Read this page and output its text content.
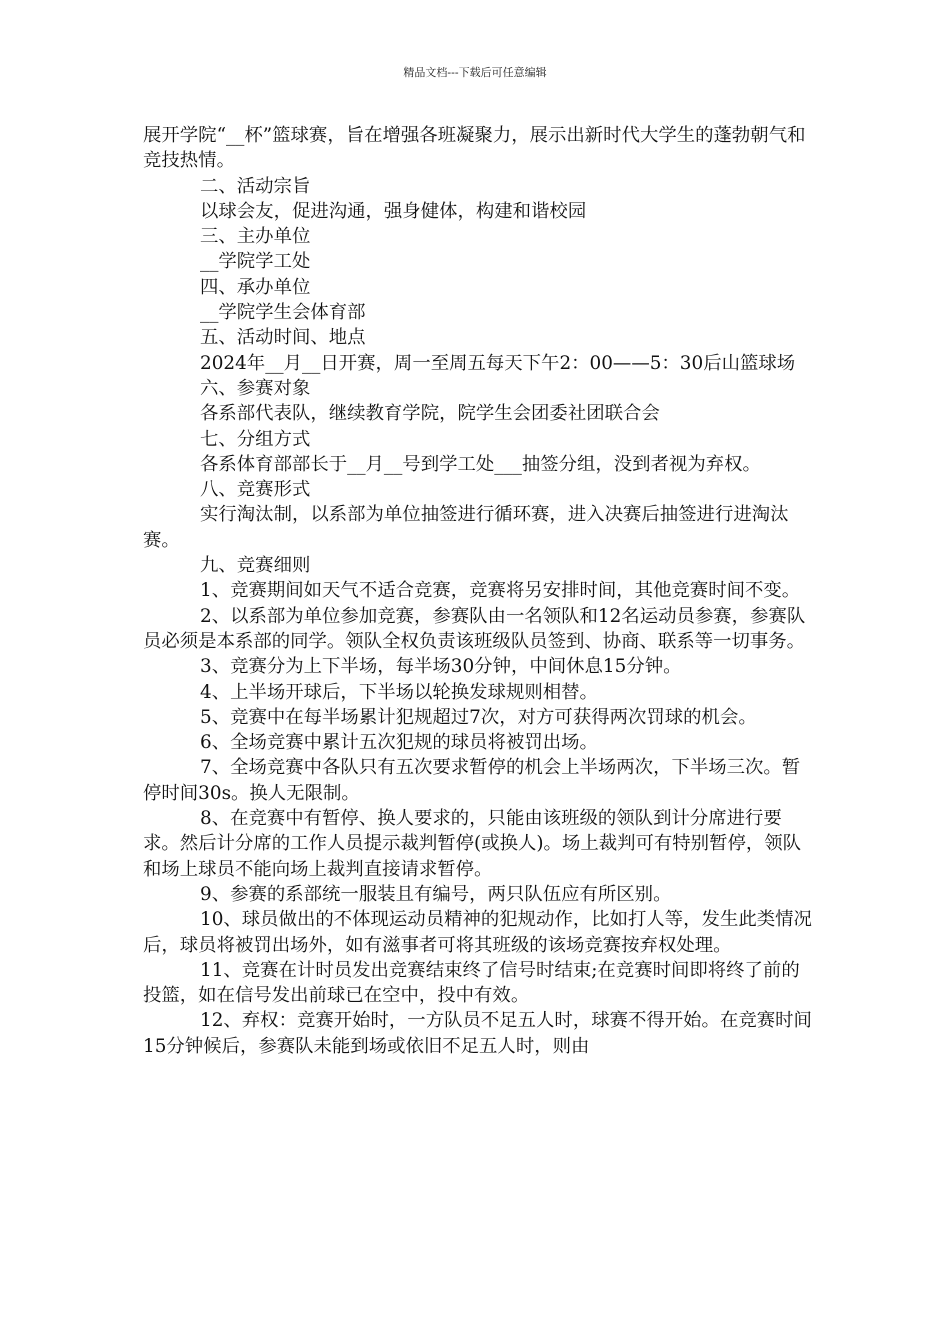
精品文档---下载后可任意编辑

展开学院“__杯”篮球赛，旨在增强各班凝聚力，展示出新时代大学生的蓬勃朝气和竞技热情。

二、活动宗旨

以球会友，促进沟通，强身健体，构建和谐校园

三、主办单位

__学院学工处

四、承办单位

__学院学生会体育部

五、活动时间、地点

2024年__月__日开赛，周一至周五每天下午2：00——5：30后山篮球场

六、参赛对象

各系部代表队，继续教育学院，院学生会团委社团联合会

七、分组方式

各系体育部部长于__月__号到学工处___抽签分组，没到者视为弃权。

八、竞赛形式

实行淘汰制，以系部为单位抽签进行循环赛，进入决赛后抽签进行进淘汰赛。

九、竞赛细则

1、竞赛期间如天气不适合竞赛，竞赛将另安排时间，其他竞赛时间不变。

2、以系部为单位参加竞赛，参赛队由一名领队和12名运动员参赛，参赛队员必须是本系部的同学。领队全权负责该班级队员签到、协商、联系等一切事务。

3、竞赛分为上下半场，每半场30分钟，中间休息15分钟。

4、上半场开球后，下半场以轮换发球规则相替。

5、竞赛中在每半场累计犯规超过7次，对方可获得两次罚球的机会。

6、全场竞赛中累计五次犯规的球员将被罚出场。

7、全场竞赛中各队只有五次要求暂停的机会上半场两次，下半场三次。暂停时间30s。换人无限制。

8、在竞赛中有暂停、换人要求的，只能由该班级的领队到计分席进行要求。然后计分席的工作人员提示裁判暂停(或换人)。场上裁判可有特别暂停，领队和场上球员不能向场上裁判直接请求暂停。

9、参赛的系部统一服装且有编号，两只队伍应有所区别。

10、球员做出的不体现运动员精神的犯规动作，比如打人等，发生此类情况后，球员将被罚出场外，如有滋事者可将其班级的该场竞赛按弃权处理。

11、竞赛在计时员发出竞赛结束终了信号时结束;在竞赛时间即将终了前的投篮，如在信号发出前球已在空中，投中有效。

12、弃权：竞赛开始时，一方队员不足五人时，球赛不得开始。在竞赛时间15分钟候后，参赛队未能到场或依旧不足五人时，则由
